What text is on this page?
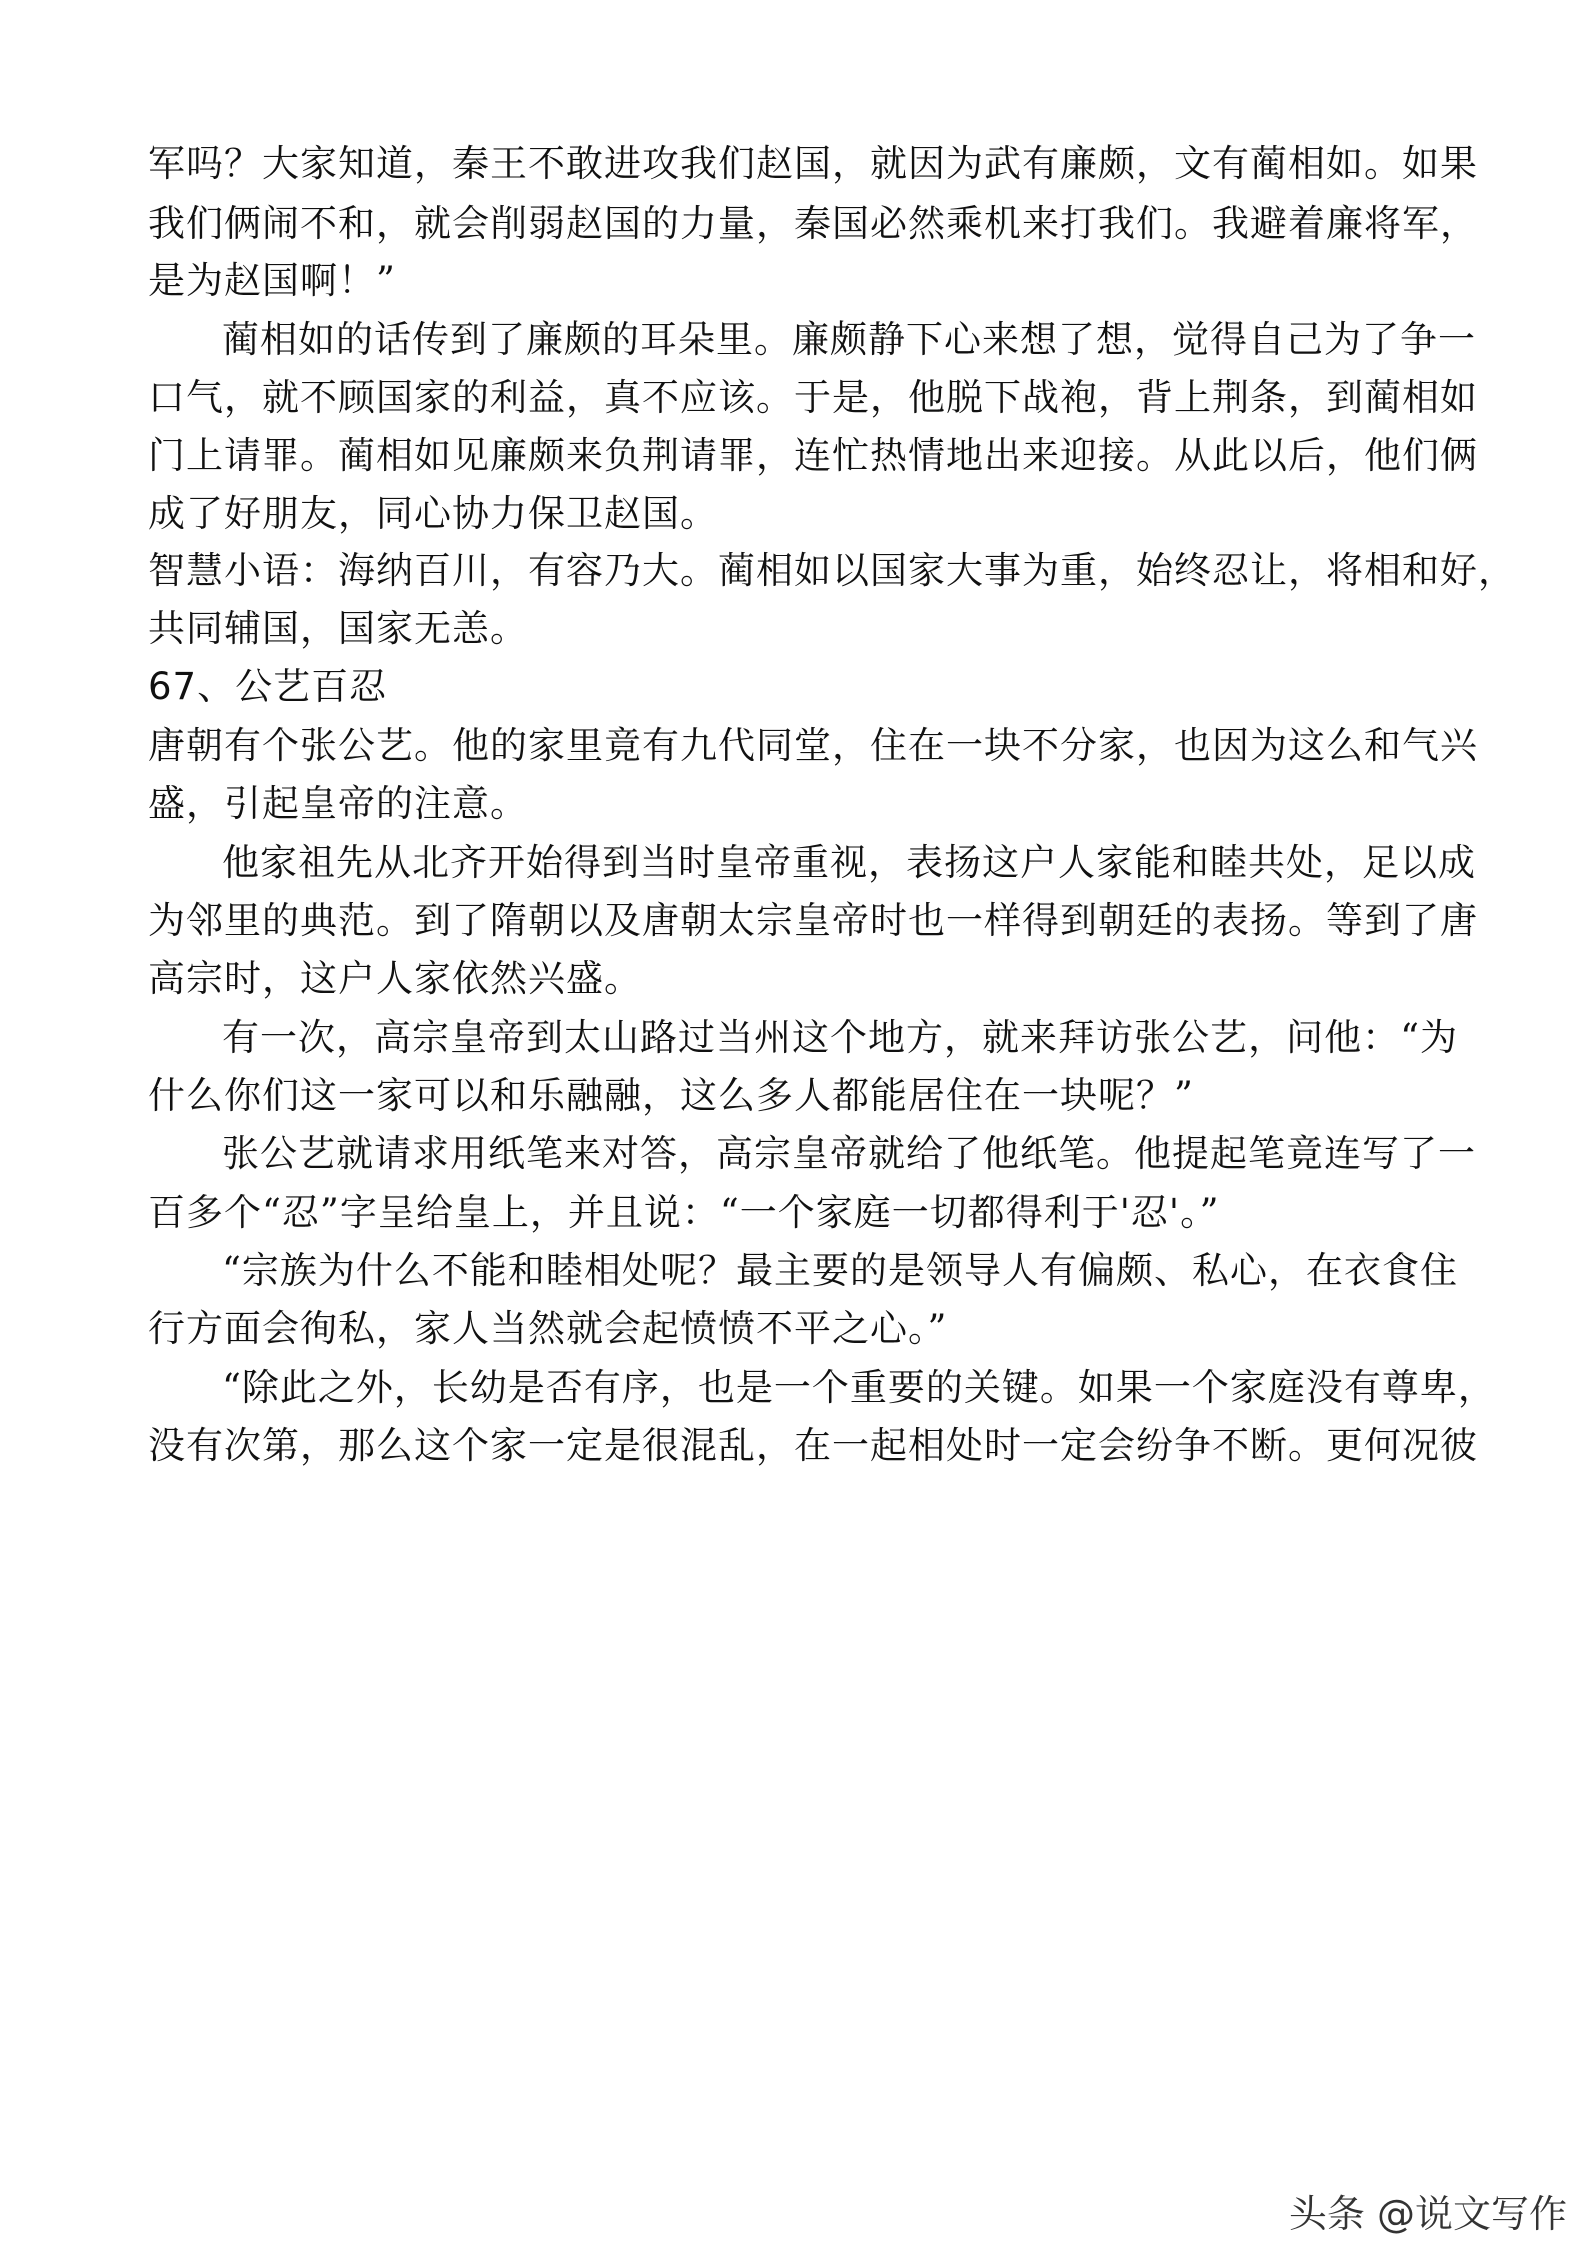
军吗？大家知道，秦王不敢进攻我们赵国，就因为武有廉颇，文有蔺相如。如果
我们俩闹不和，就会削弱赵国的力量，秦国必然乘机来打我们。我避着廉将军，
是为赵国啊！”
蔺相如的话传到了廉颇的耳朵里。廉颇静下心来想了想，觉得自己为了争一
口气，就不顾国家的利益，真不应该。于是，他脱下战袍，背上荆条，到蔺相如
门上请罪。蔺相如见廉颇来负荆请罪，连忙热情地出来迎接。从此以后，他们俩
成了好朋友，同心协力保卫赵国。
智慧小语：海纳百川，有容乃大。蔺相如以国家大事为重，始终忍让，将相和好，
共同辅国，国家无恙。
67、公艺百忍
唐朝有个张公艺。他的家里竟有九代同堂，住在一块不分家，也因为这么和气兴
盛，引起皇帝的注意。
他家祖先从北齐开始得到当时皇帝重视，表扬这户人家能和睦共处，足以成
为邻里的典范。到了隋朝以及唐朝太宗皇帝时也一样得到朝廷的表扬。等到了唐
高宗时，这户人家依然兴盛。
有一次，高宗皇帝到太山路过当州这个地方，就来拜访张公艺，问他：“为
什么你们这一家可以和乐融融，这么多人都能居住在一块呢？”
张公艺就请求用纸笔来对答，高宗皇帝就给了他纸笔。他提起笔竟连写了一
百多个“忍”字呈给皇上，并且说：“一个家庭一切都得利于'忍'。”
“宗族为什么不能和睦相处呢？最主要的是领导人有偏颇、私心，在衣食住
行方面会徇私，家人当然就会起愤愤不平之心。”
“除此之外，长幼是否有序，也是一个重要的关键。如果一个家庭没有尊卑，
没有次第，那么这个家一定是很混乱，在一起相处时一定会纷争不断。更何况彼
头条 @说文写作
